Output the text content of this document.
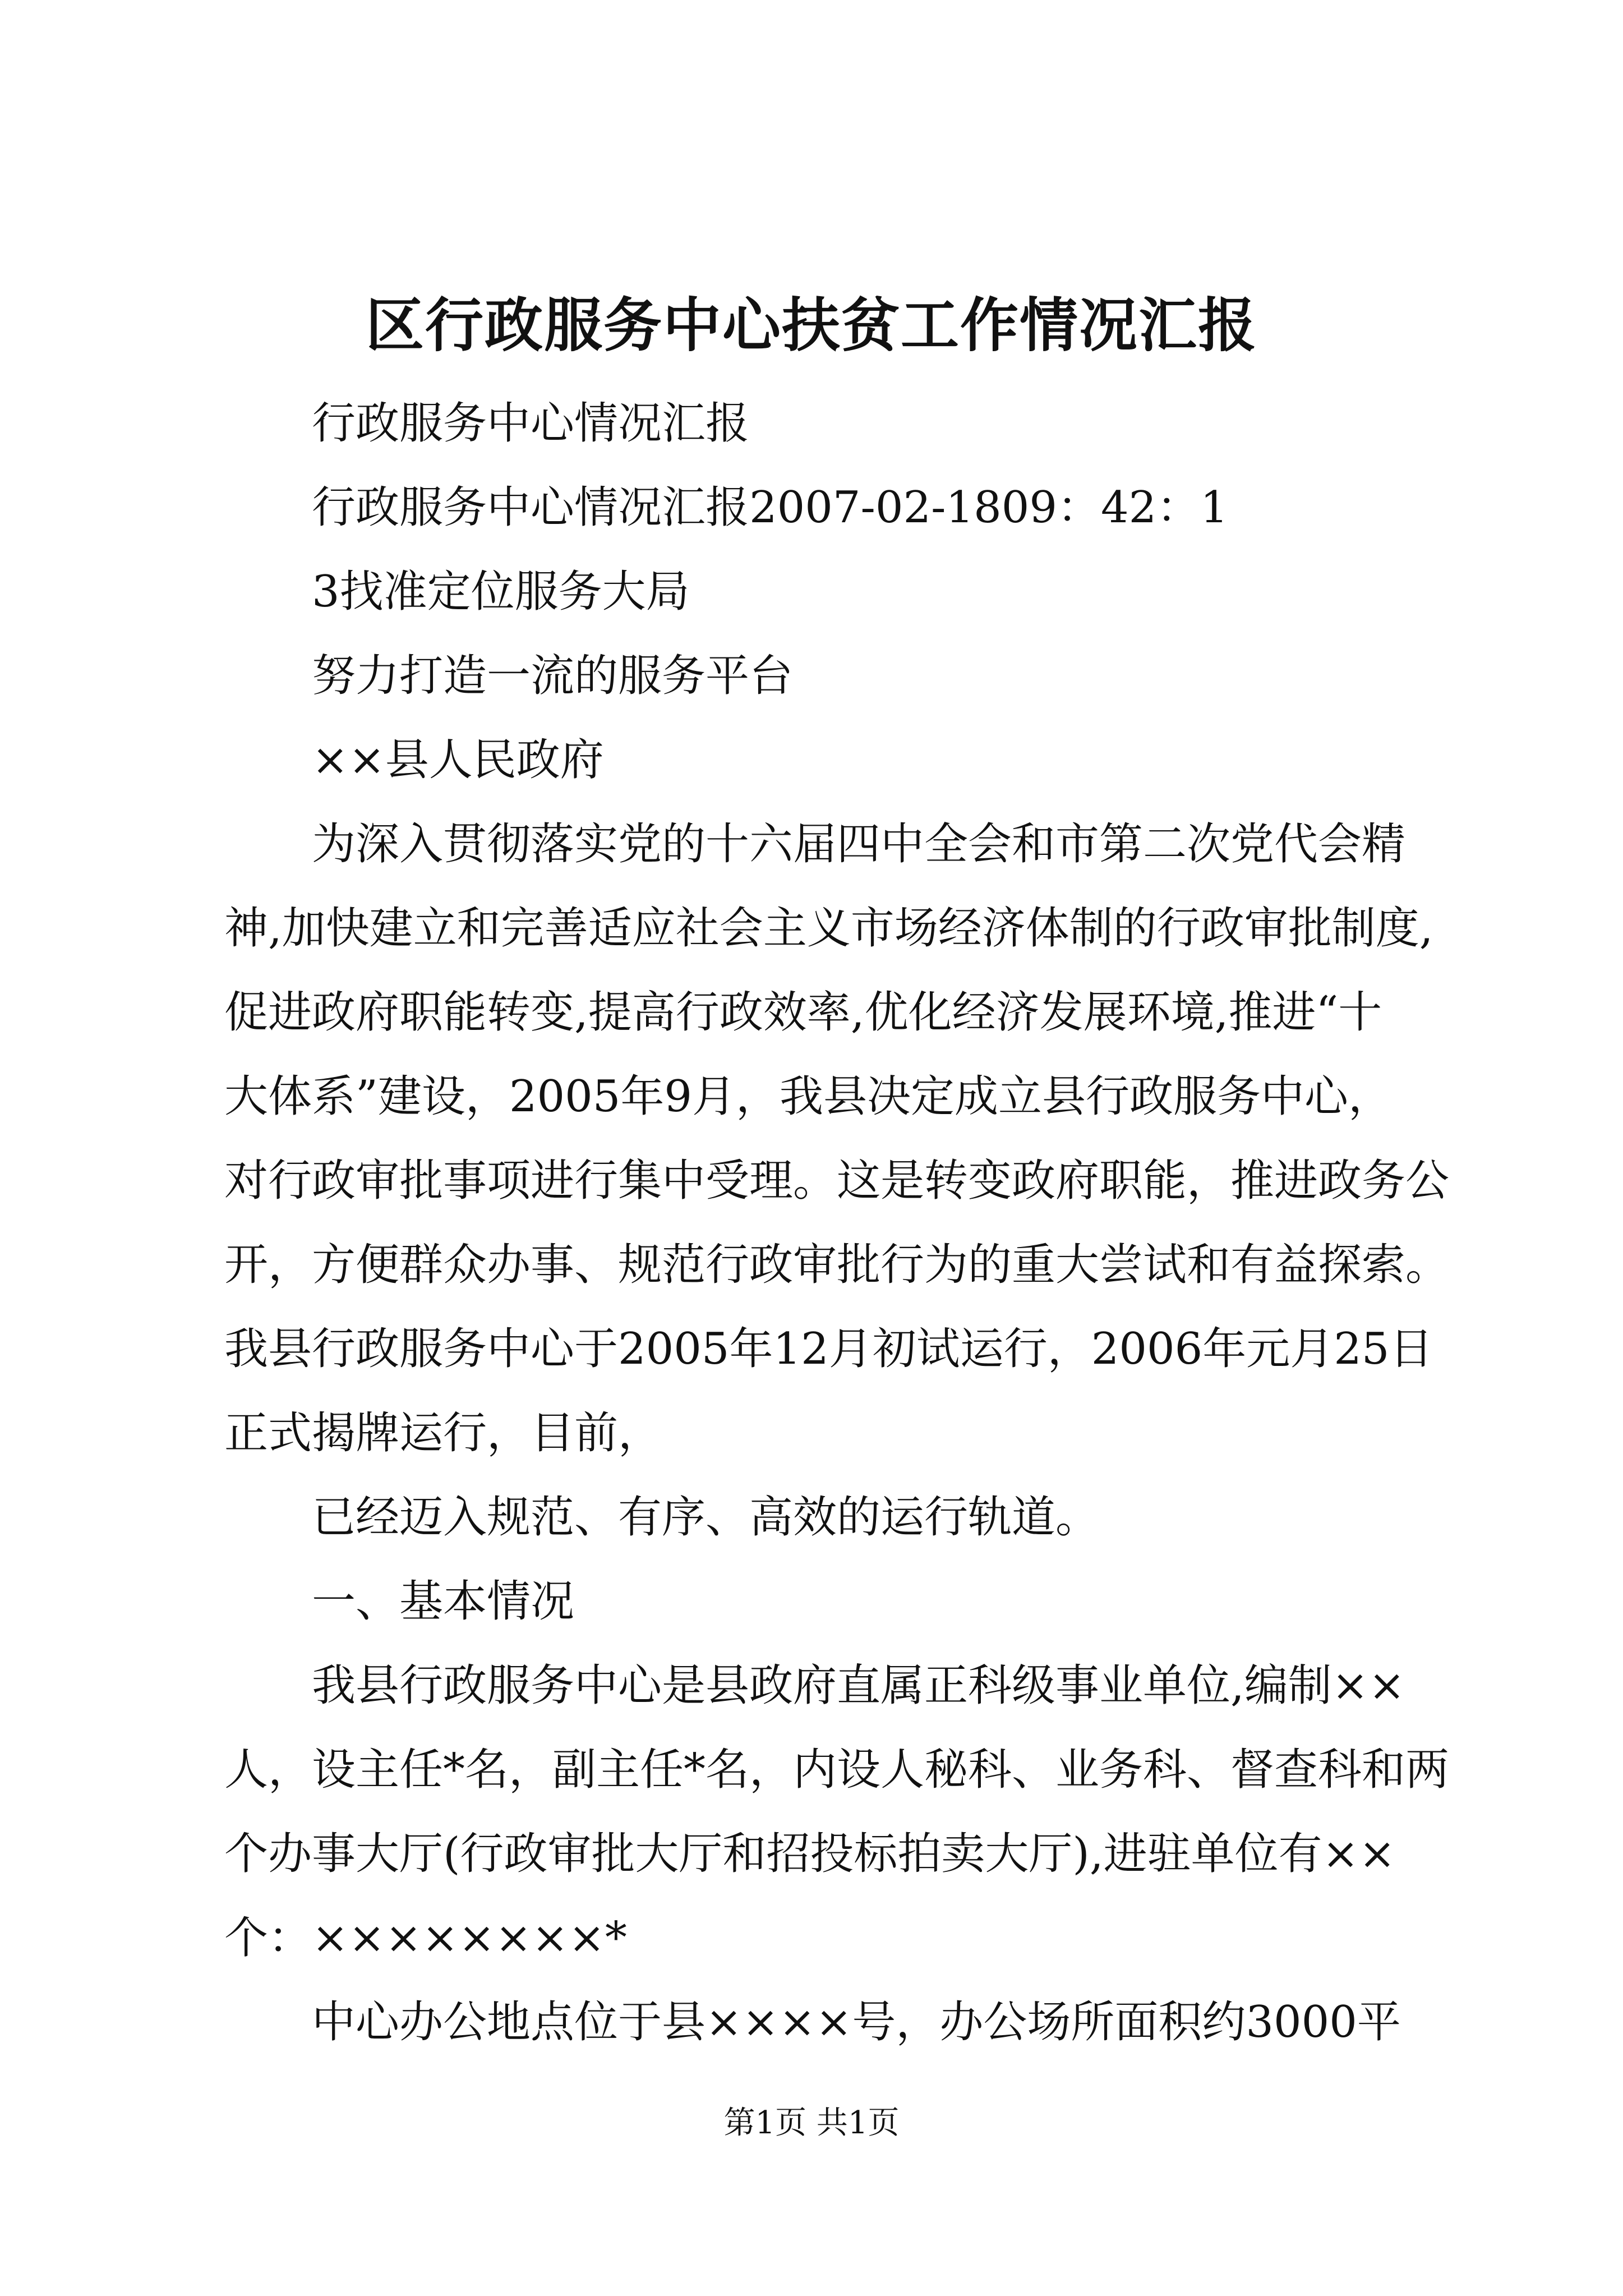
区行政服务中心扶贫工作情况汇报
行政服务中心情况汇报
行政服务中心情况汇报2007-02-1809：42：1
3找准定位服务大局
努力打造一流的服务平台
××县人民政府
为深入贯彻落实党的十六届四中全会和市第二次党代会精
神,加快建立和完善适应社会主义市场经济体制的行政审批制度,
促进政府职能转变,提高行政效率,优化经济发展环境,推进“十
大体系”建设，2005年9月，我县决定成立县行政服务中心，
对行政审批事项进行集中受理。这是转变政府职能，推进政务公
开，方便群众办事、规范行政审批行为的重大尝试和有益探索。
我县行政服务中心于2005年12月初试运行，2006年元月25日
正式揭牌运行，目前，
已经迈入规范、有序、高效的运行轨道。
一、基本情况
我县行政服务中心是县政府直属正科级事业单位,编制××
人，设主任*名，副主任*名，内设人秘科、业务科、督查科和两
个办事大厅(行政审批大厅和招投标拍卖大厅),进驻单位有××
个：××××××××*
中心办公地点位于县××××号，办公场所面积约3000平
第1页 共1页
